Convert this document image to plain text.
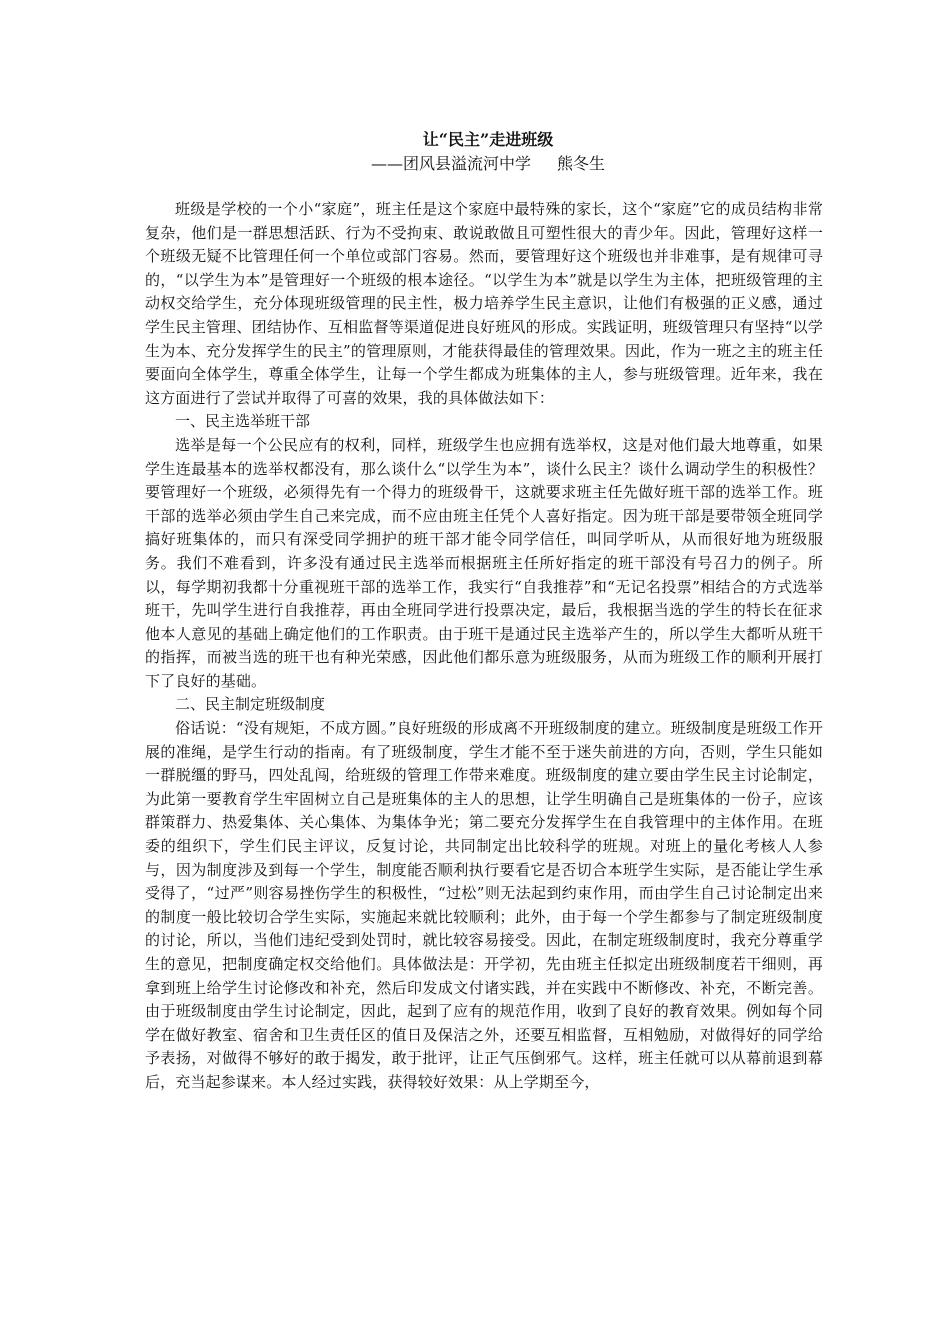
让“民主”走进班级
——团风县溢流河中学 熊冬生

班级是学校的一个小“家庭”，班主任是这个家庭中最特殊的家长，这个“家庭”它的成员结构非常复杂，他们是一群思想活跃、行为不受拘束、敢说敢做且可塑性很大的青少年。因此，管理好这样一个班级无疑不比管理任何一个单位或部门容易。然而，要管理好这个班级也并非难事，是有规律可寻的，“以学生为本”是管理好一个班级的根本途径。“以学生为本”就是以学生为主体，把班级管理的主动权交给学生，充分体现班级管理的民主性，极力培养学生民主意识，让他们有极强的正义感，通过学生民主管理、团结协作、互相监督等渠道促进良好班风的形成。实践证明，班级管理只有坚持“以学生为本、充分发挥学生的民主”的管理原则，才能获得最佳的管理效果。因此，作为一班之主的班主任要面向全体学生，尊重全体学生，让每一个学生都成为班集体的主人，参与班级管理。近年来，我在这方面进行了尝试并取得了可喜的效果，我的具体做法如下：

一、民主选举班干部

选举是每一个公民应有的权利，同样，班级学生也应拥有选举权，这是对他们最大地尊重，如果学生连最基本的选举权都没有，那么谈什么“以学生为本”，谈什么民主？谈什么调动学生的积极性？要管理好一个班级，必须得先有一个得力的班级骨干，这就要求班主任先做好班干部的选举工作。班干部的选举必须由学生自己来完成，而不应由班主任凭个人喜好指定。因为班干部是要带领全班同学搞好班集体的，而只有深受同学拥护的班干部才能令同学信任，叫同学听从，从而很好地为班级服务。我们不难看到，许多没有通过民主选举而根据班主任所好指定的班干部没有号召力的例子。所以，每学期初我都十分重视班干部的选举工作，我实行“自我推荐”和“无记名投票”相结合的方式选举班干，先叫学生进行自我推荐，再由全班同学进行投票决定，最后，我根据当选的学生的特长在征求他本人意见的基础上确定他们的工作职责。由于班干是通过民主选举产生的，所以学生大都听从班干的指挥，而被当选的班干也有种光荣感，因此他们都乐意为班级服务，从而为班级工作的顺利开展打下了良好的基础。

二、民主制定班级制度

俗话说：“没有规矩，不成方圆。”良好班级的形成离不开班级制度的建立。班级制度是班级工作开展的准绳，是学生行动的指南。有了班级制度，学生才能不至于迷失前进的方向，否则，学生只能如一群脱缰的野马，四处乱闯，给班级的管理工作带来难度。班级制度的建立要由学生民主讨论制定，为此第一要教育学生牢固树立自己是班集体的主人的思想，让学生明确自己是班集体的一份子，应该群策群力、热爱集体、关心集体、为集体争光；第二要充分发挥学生在自我管理中的主体作用。在班委的组织下，学生们民主评议，反复讨论，共同制定出比较科学的班规。对班上的量化考核人人参与，因为制度涉及到每一个学生，制度能否顺利执行要看它是否切合本班学生实际，是否能让学生承受得了，“过严”则容易挫伤学生的积极性，“过松”则无法起到约束作用，而由学生自己讨论制定出来的制度一般比较切合学生实际，实施起来就比较顺利；此外，由于每一个学生都参与了制定班级制度的讨论，所以，当他们违纪受到处罚时，就比较容易接受。因此，在制定班级制度时，我充分尊重学生的意见，把制度确定权交给他们。具体做法是：开学初，先由班主任拟定出班级制度若干细则，再拿到班上给学生讨论修改和补充，然后印发成文付诸实践，并在实践中不断修改、补充，不断完善。由于班级制度由学生讨论制定，因此，起到了应有的规范作用，收到了良好的教育效果。例如每个同学在做好教室、宿舍和卫生责任区的值日及保洁之外，还要互相监督，互相勉励，对做得好的同学给予表扬，对做得不够好的敢于揭发，敢于批评，让正气压倒邪气。这样，班主任就可以从幕前退到幕后，充当起参谋来。本人经过实践，获得较好效果：从上学期至今，
